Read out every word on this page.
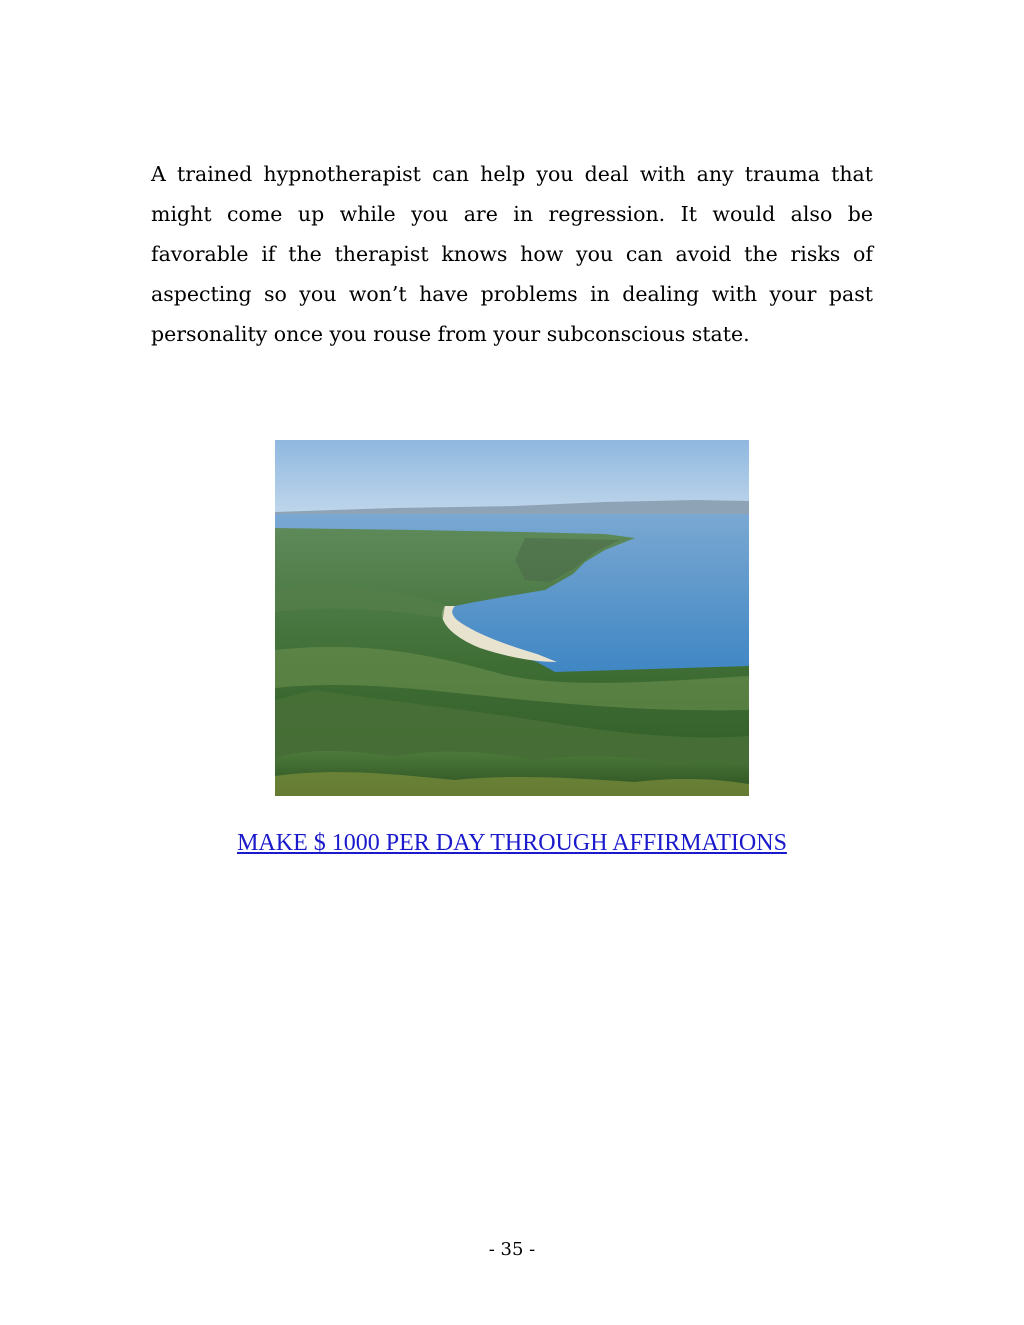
A trained hypnotherapist can help you deal with any trauma that might come up while you are in regression. It would also be favorable if the therapist knows how you can avoid the risks of aspecting so you won’t have problems in dealing with your past personality once you rouse from your subconscious state.

MAKE $ 1000 PER DAY THROUGH AFFIRMATIONS
- 35 -
